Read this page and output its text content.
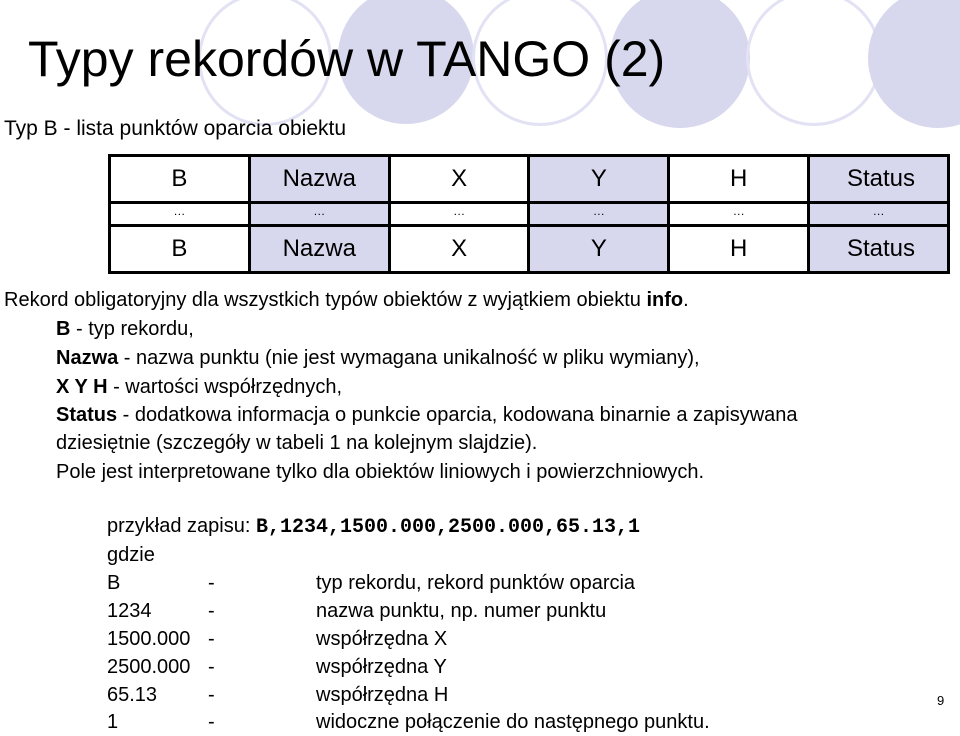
Typy rekordów w TANGO (2)
Typ B - lista punktów oparcia obiektu
B	Nazwa	X	Y	H	Status
…	…	…	…	…	…
B	Nazwa	X	Y	H	Status
Rekord obligatoryjny dla wszystkich typów obiektów z wyjątkiem obiektu info.
B - typ rekordu,
Nazwa - nazwa punktu (nie jest wymagana unikalność w pliku wymiany),
X Y H - wartości współrzędnych,
Status - dodatkowa informacja o punkcie oparcia, kodowana binarnie a zapisywana
dziesiętnie (szczegóły w tabeli 1 na kolejnym slajdzie).
Pole jest interpretowane tylko dla obiektów liniowych i powierzchniowych.
przykład zapisu: B,1234,1500.000,2500.000,65.13,1
gdzie
B	-	typ rekordu, rekord punktów oparcia
1234	-	nazwa punktu, np. numer punktu
1500.000 -	współrzędna X
2500.000 -	współrzędna Y
65.13	-	współrzędna H
1	-	widoczne połączenie do następnego punktu.
9
